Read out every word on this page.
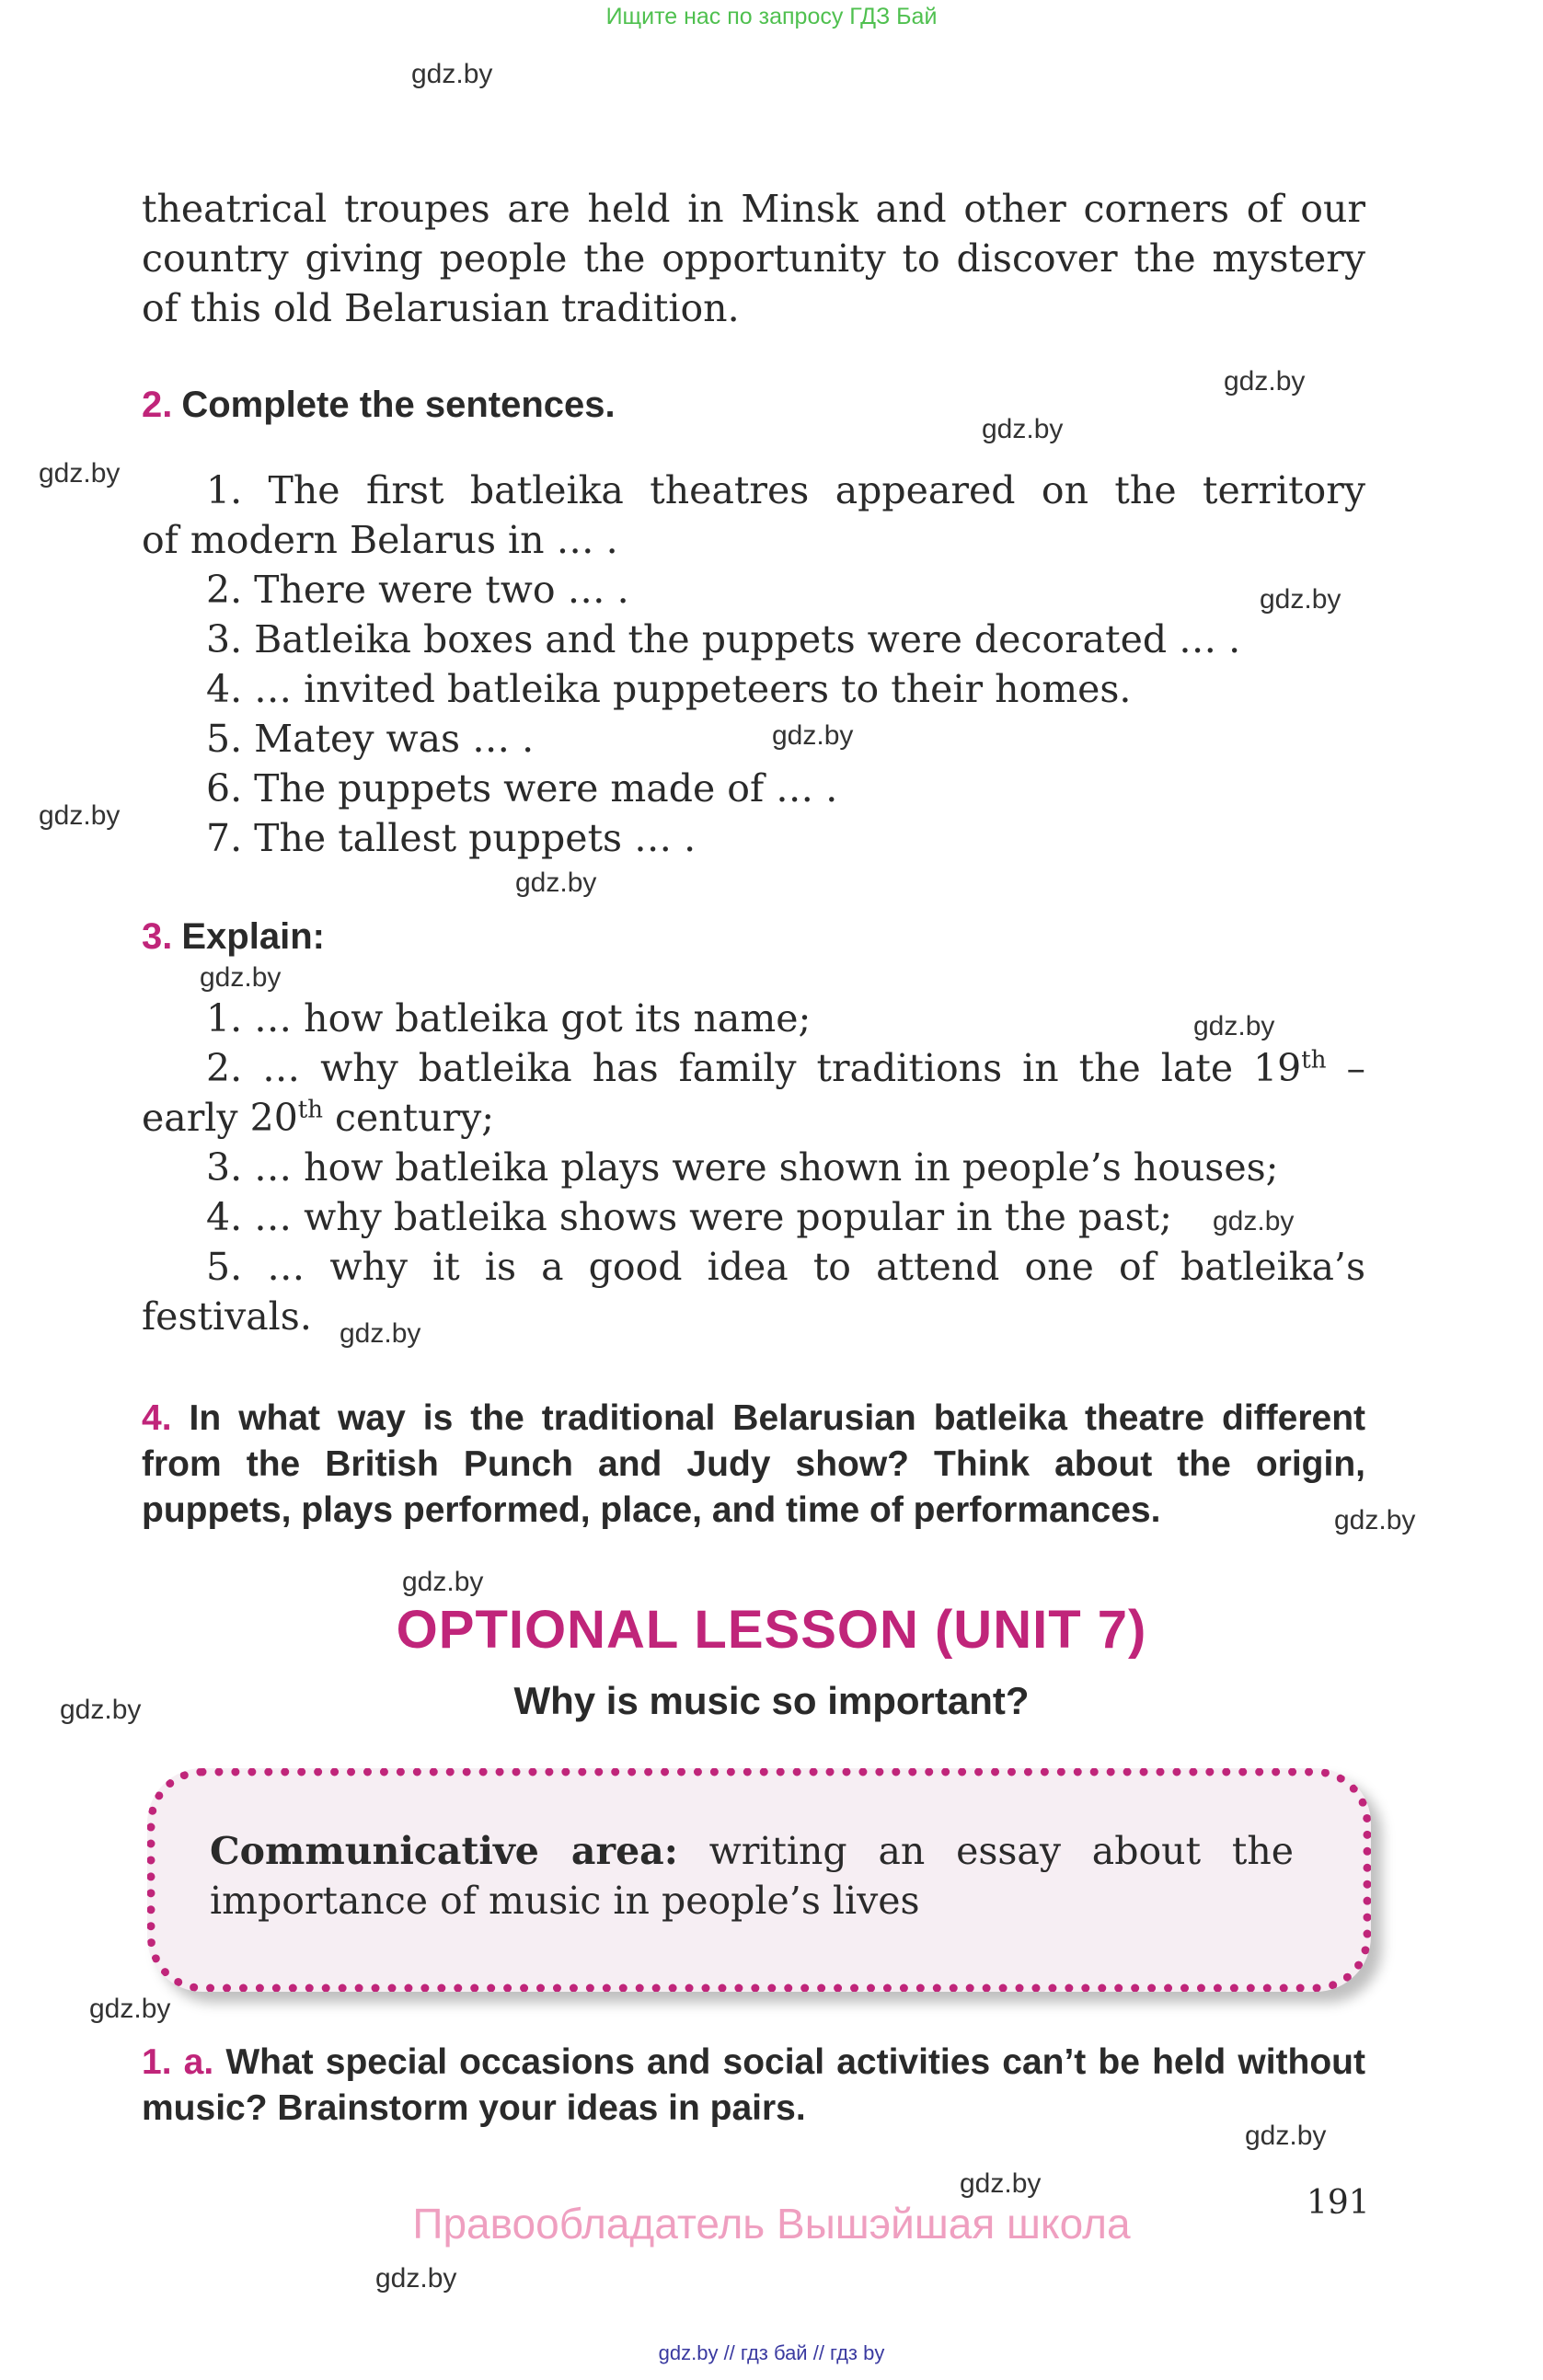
Ищите нас по запросу ГДЗ Бай
gdz.by
gdz.by
gdz.by
gdz.by
gdz.by
gdz.by
gdz.by
gdz.by
gdz.by
gdz.by
gdz.by
gdz.by
gdz.by
gdz.by
gdz.by
gdz.by
gdz.by
gdz.by
gdz.by
theatrical troupes are held in Minsk and other corners of our
country giving people the opportunity to discover the mystery
of this old Belarusian tradition.
2. Complete the sentences.
1. The first batleika theatres appeared on the territory
of modern Belarus in … .
2. There were two … .
3. Batleika boxes and the puppets were decorated … .
4. … invited batleika puppeteers to their homes.
5. Matey was … .
6. The puppets were made of … .
7. The tallest puppets … .
3. Explain:
1. … how batleika got its name;
2. … why batleika has family traditions in the late 19th –
early 20th century;
3. … how batleika plays were shown in people’s houses;
4. … why batleika shows were popular in the past;
5. … why it is a good idea to attend one of batleika’s
festivals.
4. In what way is the traditional Belarusian batleika theatre different from the British Punch and Judy show? Think about the origin, puppets, plays performed, place, and time of performances.
OPTIONAL LESSON (UNIT 7)
Why is music so important?
Communicative area: writing an essay about the importance of music in people’s lives
1. a. What special occasions and social activities can’t be held without music? Brainstorm your ideas in pairs.
191
Правообладатель Вышэйшая школа
gdz.by // гдз бай // гдз by
